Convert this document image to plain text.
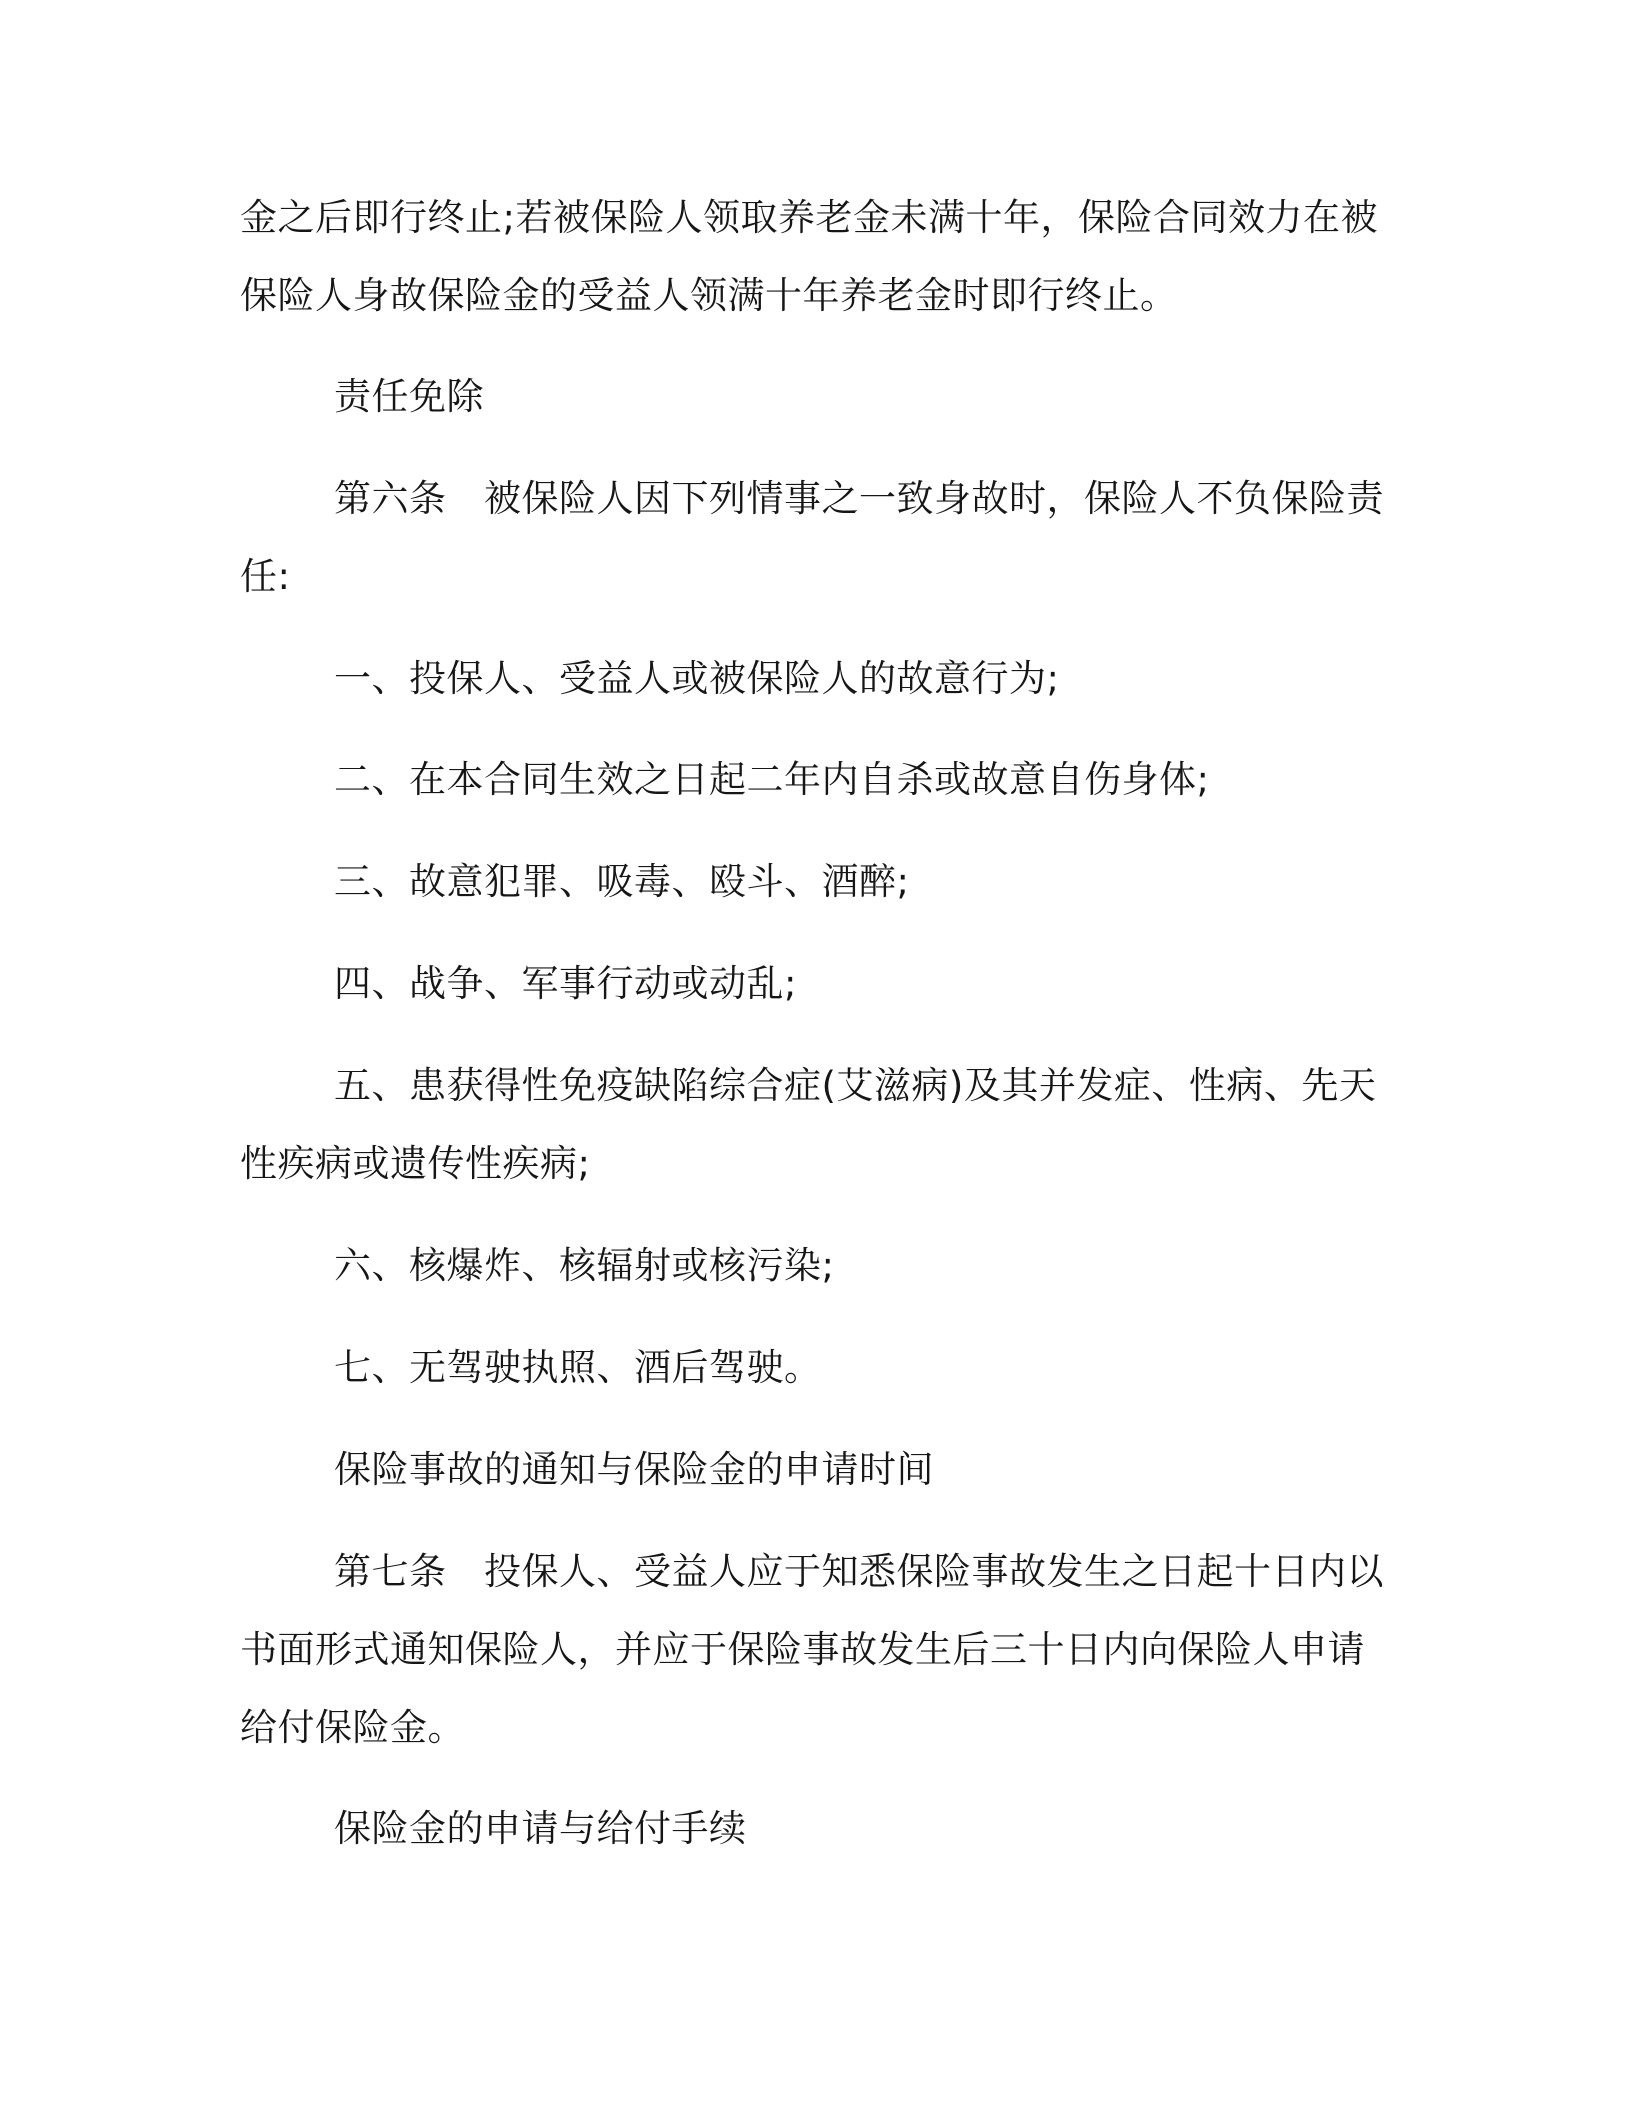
金之后即行终止;若被保险人领取养老金未满十年，保险合同效力在被
保险人身故保险金的受益人领满十年养老金时即行终止。

责任免除

第六条　被保险人因下列情事之一致身故时，保险人不负保险责
任:

一、投保人、受益人或被保险人的故意行为;

二、在本合同生效之日起二年内自杀或故意自伤身体;

三、故意犯罪、吸毒、殴斗、酒醉;

四、战争、军事行动或动乱;

五、患获得性免疫缺陷综合症(艾滋病)及其并发症、性病、先天
性疾病或遗传性疾病;

六、核爆炸、核辐射或核污染;

七、无驾驶执照、酒后驾驶。

保险事故的通知与保险金的申请时间

第七条　投保人、受益人应于知悉保险事故发生之日起十日内以
书面形式通知保险人，并应于保险事故发生后三十日内向保险人申请
给付保险金。

保险金的申请与给付手续
